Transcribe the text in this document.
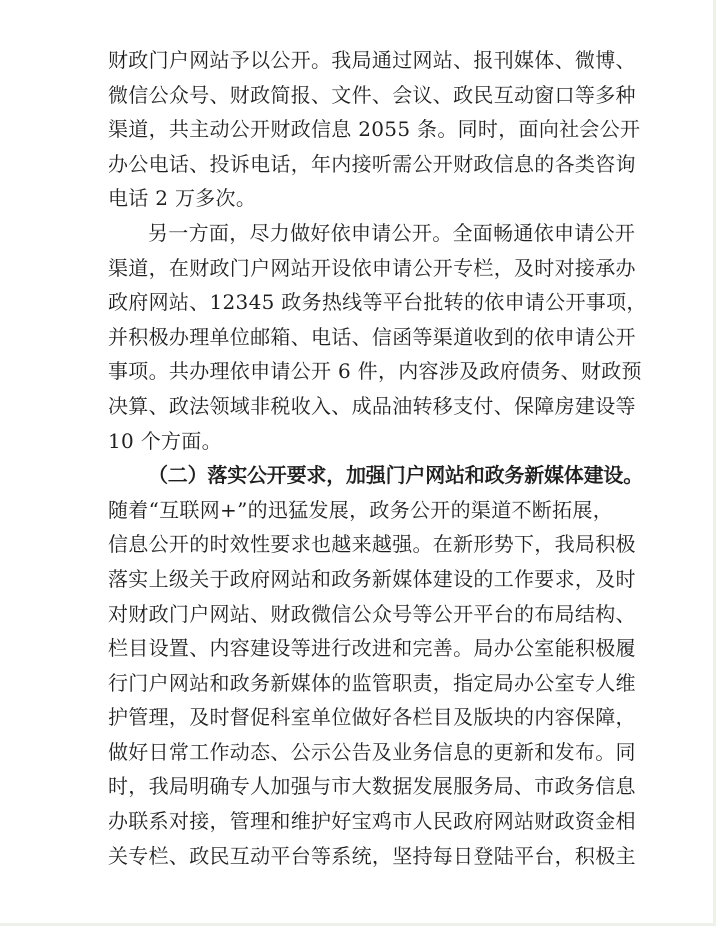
财政门户网站予以公开。我局通过网站、报刊媒体、微博、
微信公众号、财政简报、文件、会议、政民互动窗口等多种
渠道，共主动公开财政信息 2055 条。同时，面向社会公开
办公电话、投诉电话，年内接听需公开财政信息的各类咨询
电话 2 万多次。
另一方面，尽力做好依申请公开。全面畅通依申请公开
渠道，在财政门户网站开设依申请公开专栏，及时对接承办
政府网站、12345 政务热线等平台批转的依申请公开事项，
并积极办理单位邮箱、电话、信函等渠道收到的依申请公开
事项。共办理依申请公开 6 件，内容涉及政府债务、财政预
决算、政法领域非税收入、成品油转移支付、保障房建设等
10 个方面。
（二）落实公开要求，加强门户网站和政务新媒体建设。
随着“互联网+”的迅猛发展，政务公开的渠道不断拓展，
信息公开的时效性要求也越来越强。在新形势下，我局积极
落实上级关于政府网站和政务新媒体建设的工作要求，及时
对财政门户网站、财政微信公众号等公开平台的布局结构、
栏目设置、内容建设等进行改进和完善。局办公室能积极履
行门户网站和政务新媒体的监管职责，指定局办公室专人维
护管理，及时督促科室单位做好各栏目及版块的内容保障，
做好日常工作动态、公示公告及业务信息的更新和发布。同
时，我局明确专人加强与市大数据发展服务局、市政务信息
办联系对接，管理和维护好宝鸡市人民政府网站财政资金相
关专栏、政民互动平台等系统，坚持每日登陆平台，积极主
